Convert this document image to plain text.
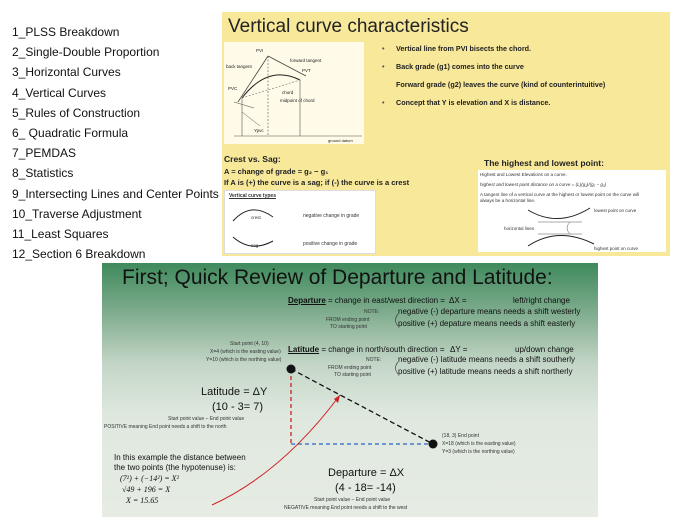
1_PLSS Breakdown
2_Single-Double Proportion
3_Horizontal Curves
4_Vertical Curves
5_Rules of Construction
6_ Quadratic Formula
7_PEMDAS
8_Statistics
9_Intersecting Lines and Center Points
10_Traverse Adjustment
11_Least Squares
12_Section 6 Breakdown
Vertical curve characteristics
PVI
back tangent
forward tangent
PVT
PVC
chord
midpoint of chord
Ypvc
ground datum
• Vertical line from PVI bisects the chord.
• Back grade (g1) comes into the curve
Forward grade (g2) leaves the curve (kind of counterintuitive)
• Concept that Y is elevation and X is distance.
Crest vs. Sag:
A = change of grade = g₂ − g₁
If A is (+) the curve is a sag; if (-) the curve is a crest
Vertical curve types
crest
sag
negative change in grade
positive change in grade
The highest and lowest point:
Highest and Lowest Elevations on a curve.
highest and lowest point distance on a curve = (L)(g₁)/(g₁ − g₂)
A tangent line of a vertical curve at the highest or lowest point on the curve will
always be a horizontal line.
lowest point on curve
horizontal lines
highest point on curve
First; Quick Review of Departure and Latitude:
Departure = change in east/west direction = ΔX =	left/right change
NOTE:
FROM ending point
TO starting point
negative (-) departure means needs a shift westerly
positive (+) depature means needs a shift easterly
Latitude = change in north/south direction = ΔY =	up/down change
NOTE:
FROM ending point
TO starting point
negative (-) latitude means needs a shift southerly
positive (+) latitude means needs a shift northerly
Start point (4, 10)
X=4 (which is the easting value)
Y=10 (which is the northing value)
Latitude = ΔY
(10 - 3= 7)
Start point value – End point value
POSITIVE meaning End point needs a shift to the north
(18, 3) End point
X=18 (which is the easting value)
Y=3 (which is the northing value)
In this example the distance between
the two points (the hypotenuse) is:
(7²) + (−14²) = X²
√49 + 196 = X
X = 15.65
Departure = ΔX
(4 - 18= -14)
Start point value – End point value
NEGATIVE meaning End point needs a shift to the west
